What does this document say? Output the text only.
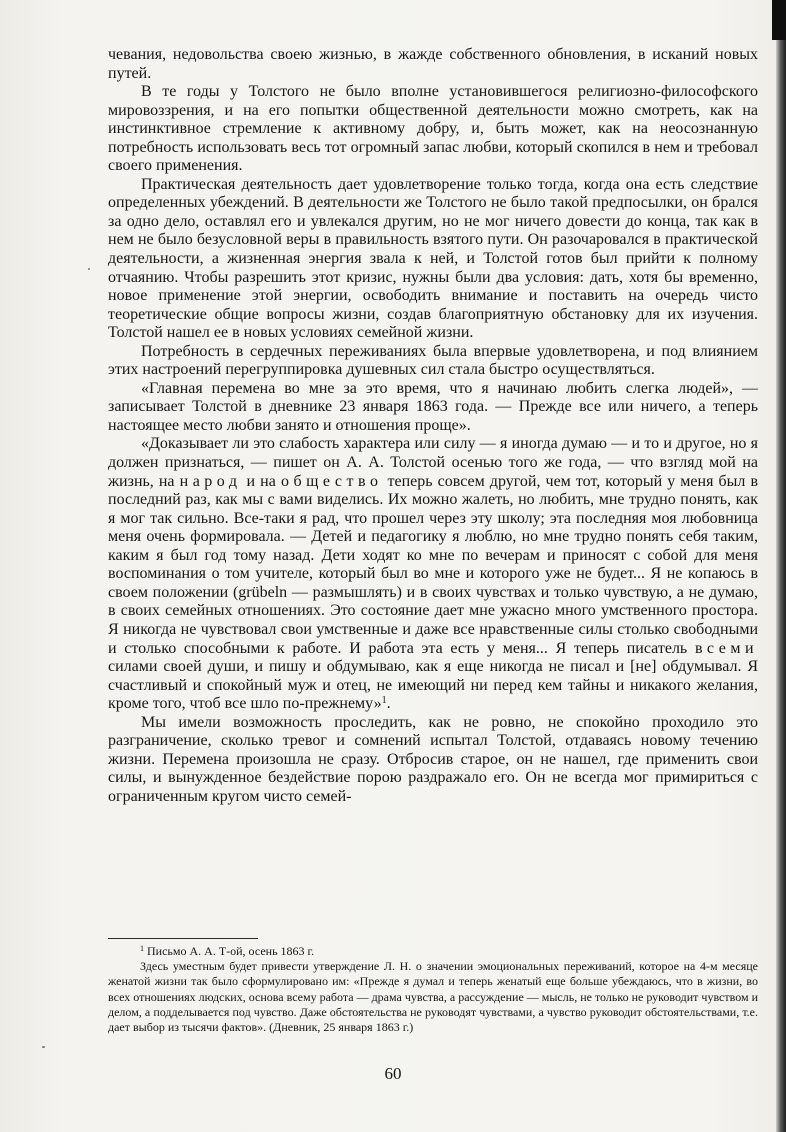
чевания, недовольства своею жизнью, в жажде собственного обновления, в исканий новых путей.

В те годы у Толстого не было вполне установившегося религиозно-философского мировоззрения, и на его попытки общественной деятельности можно смотреть, как на инстинктивное стремление к активному добру, и, быть может, как на неосознанную потребность использовать весь тот огромный запас любви, который скопился в нем и требовал своего применения.

Практическая деятельность дает удовлетворение только тогда, когда она есть следствие определенных убеждений. В деятельности же Толстого не было такой предпосылки, он брался за одно дело, оставлял его и увлекался другим, но не мог ничего довести до конца, так как в нем не было безусловной веры в правильность взятого пути. Он разочаровался в практической деятельности, а жизненная энергия звала к ней, и Толстой готов был прийти к полному отчаянию. Чтобы разрешить этот кризис, нужны были два условия: дать, хотя бы временно, новое применение этой энергии, освободить внимание и поставить на очередь чисто теоретические общие вопросы жизни, создав благоприятную обстановку для их изучения. Толстой нашел ее в новых условиях семейной жизни.

Потребность в сердечных переживаниях была впервые удовлетворена, и под влиянием этих настроений перегруппировка душевных сил стала быстро осуществляться.

«Главная перемена во мне за это время, что я начинаю любить слегка людей», — записывает Толстой в дневнике 23 января 1863 года. — Прежде все или ничего, а теперь настоящее место любви занято и отношения проще».

«Доказывает ли это слабость характера или силу — я иногда думаю — и то и другое, но я должен признаться, — пишет он А. А. Толстой осенью того же года, — что взгляд мой на жизнь, на народ и на общество теперь совсем другой, чем тот, который у меня был в последний раз, как мы с вами виделись. Их можно жалеть, но любить, мне трудно понять, как я мог так сильно. Все-таки я рад, что прошел через эту школу; эта последняя моя любовница меня очень формировала. — Детей и педагогику я люблю, но мне трудно понять себя таким, каким я был год тому назад. Дети ходят ко мне по вечерам и приносят с собой для меня воспоминания о том учителе, который был во мне и которого уже не будет... Я не копаюсь в своем положении (grübeln — размышлять) и в своих чувствах и только чувствую, а не думаю, в своих семейных отношениях. Это состояние дает мне ужасно много умственного простора. Я никогда не чувствовал свои умственные и даже все нравственные силы столько свободными и столько способными к работе. И работа эта есть у меня... Я теперь писатель всеми силами своей души, и пишу и обдумываю, как я еще никогда не писал и [не] обдумывал. Я счастливый и спокойный муж и отец, не имеющий ни перед кем тайны и никакого желания, кроме того, чтоб все шло по-прежнему»$^1$.

Мы имели возможность проследить, как не ровно, не спокойно проходило это разграничение, сколько тревог и сомнений испытал Толстой, отдаваясь новому течению жизни. Перемена произошла не сразу. Отбросив старое, он не нашел, где применить свои силы, и вынужденное бездействие порою раздражало его. Он не всегда мог примириться с ограниченным кругом чисто семей-

$^1$ Письмо А. А. Т-ой, осень 1863 г.

Здесь уместным будет привести утверждение Л. Н. о значении эмоциональных переживаний, которое на 4-м месяце женатой жизни так было сформулировано им: «Прежде я думал и теперь женатый еще больше убеждаюсь, что в жизни, во всех отношениях людских, основа всему работа — драма чувства, а рассуждение — мысль, не только не руководит чувством и делом, а подделывается под чувство. Даже обстоятельства не руководят чувствами, а чувство руководит обстоятельствами, т.е. дает выбор из тысячи фактов». (Дневник, 25 января 1863 г.)

60
